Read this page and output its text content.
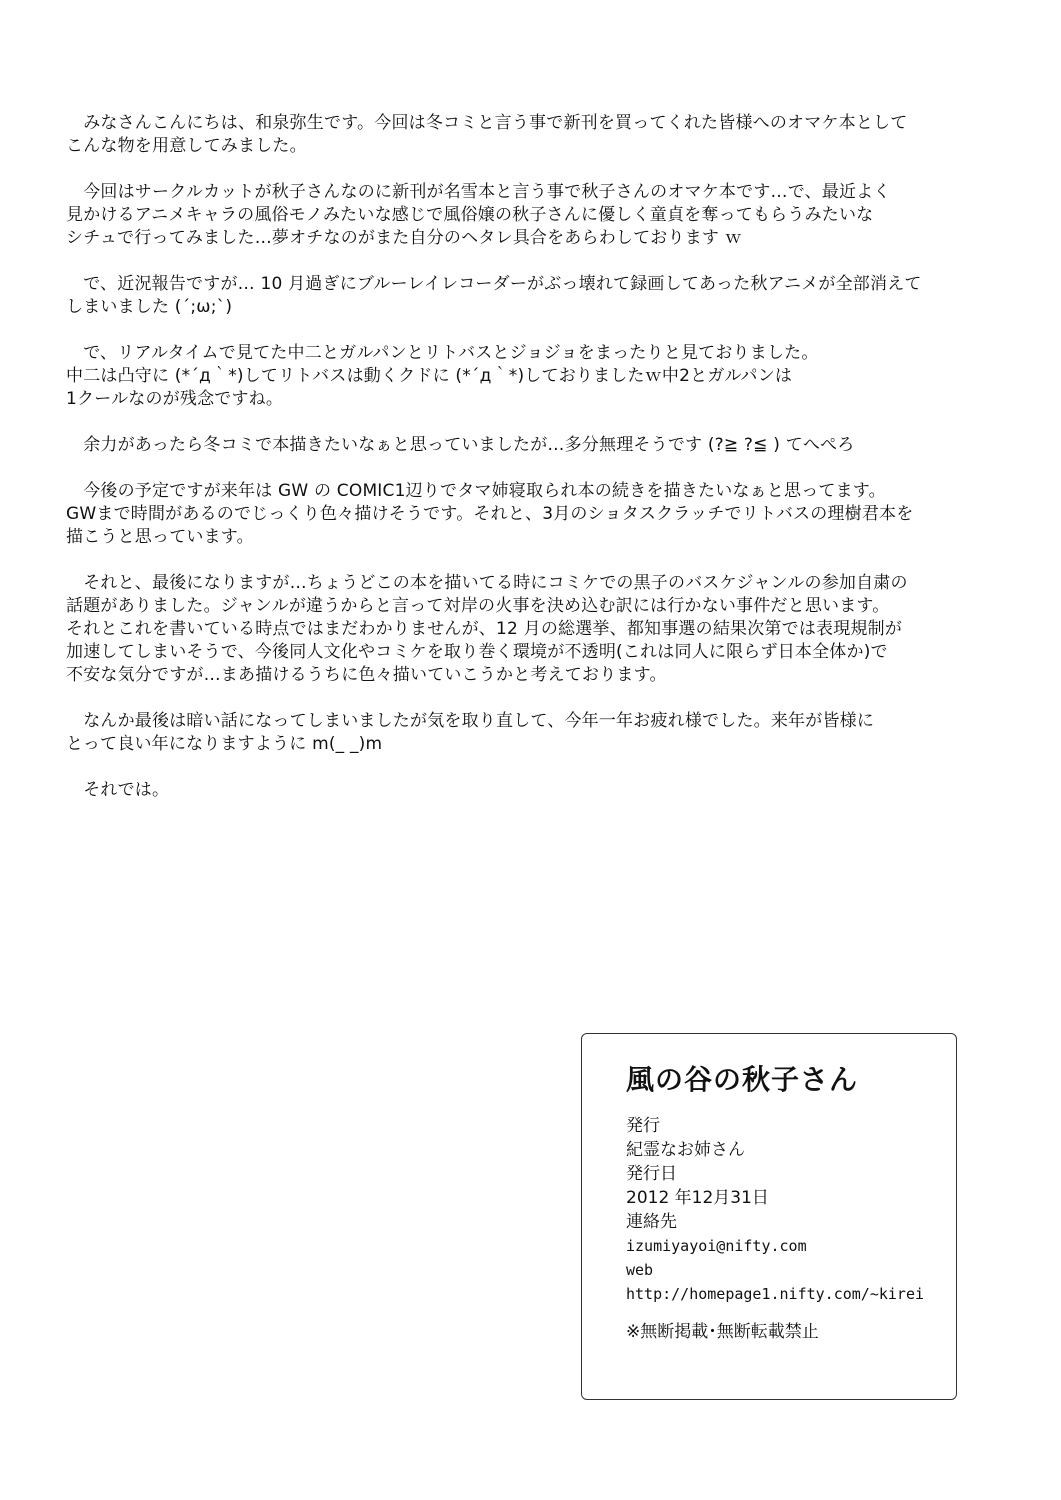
　みなさんこんにちは、和泉弥生です。今回は冬コミと言う事で新刊を買ってくれた皆様へのオマケ本として
こんな物を用意してみました。

　今回はサークルカットが秋子さんなのに新刊が名雪本と言う事で秋子さんのオマケ本です…で、最近よく
見かけるアニメキャラの風俗モノみたいな感じで風俗嬢の秋子さんに優しく童貞を奪ってもらうみたいな
シチュで行ってみました…夢オチなのがまた自分のヘタレ具合をあらわしております ｗ

　で、近況報告ですが… 10 月過ぎにブルーレイレコーダーがぶっ壊れて録画してあった秋アニメが全部消えて
しまいました (´;ω;`)

　で、リアルタイムで見てた中二とガルパンとリトバスとジョジョをまったりと見ておりました。
中二は凸守に (*´д｀*)してリトバスは動くクドに (*´д｀*)しておりましたｗ中2とガルパンは
1クールなのが残念ですね。

　余力があったら冬コミで本描きたいなぁと思っていましたが…多分無理そうです (?≧ ?≦ ) てへぺろ

　今後の予定ですが来年は GW の COMIC1辺りでタマ姉寝取られ本の続きを描きたいなぁと思ってます。
GWまで時間があるのでじっくり色々描けそうです。それと、3月のショタスクラッチでリトバスの理樹君本を
描こうと思っています。

　それと、最後になりますが…ちょうどこの本を描いてる時にコミケでの黒子のバスケジャンルの参加自粛の
話題がありました。ジャンルが違うからと言って対岸の火事を決め込む訳には行かない事件だと思います。
それとこれを書いている時点ではまだわかりませんが、12 月の総選挙、都知事選の結果次第では表現規制が
加速してしまいそうで、今後同人文化やコミケを取り巻く環境が不透明(これは同人に限らず日本全体か)で
不安な気分ですが…まあ描けるうちに色々描いていこうかと考えております。

　なんか最後は暗い話になってしまいましたが気を取り直して、今年一年お疲れ様でした。来年が皆様に
とって良い年になりますように m(_ _)m

　それでは。

風の谷の秋子さん
発行
紀霊なお姉さん
発行日
2012 年12月31日
連絡先
izumiyayoi@nifty.com
web
http://homepage1.nifty.com/~kirei
※無断掲載･無断転載禁止
